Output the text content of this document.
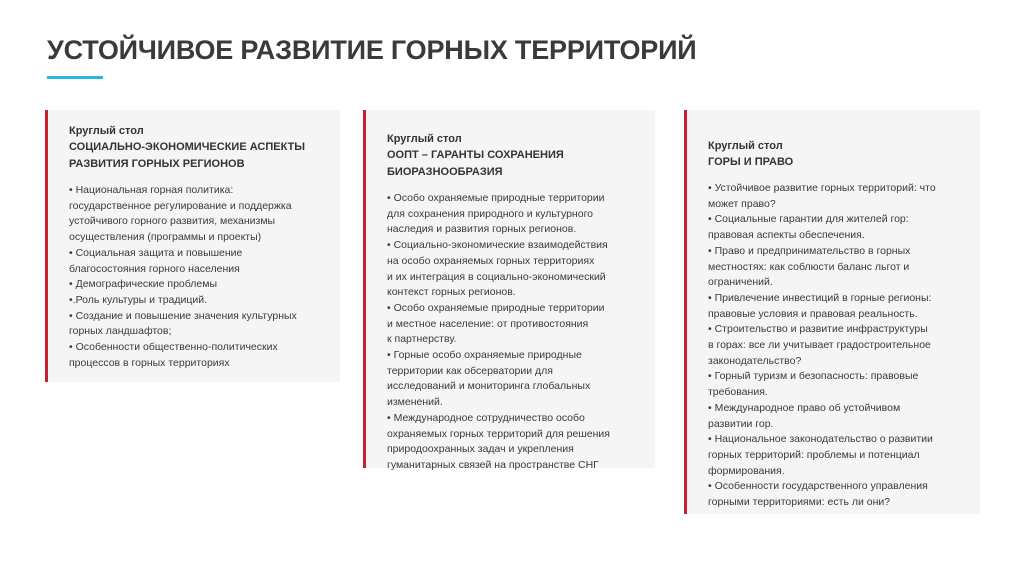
УСТОЙЧИВОЕ РАЗВИТИЕ ГОРНЫХ ТЕРРИТОРИЙ
Круглый стол
СОЦИАЛЬНО-ЭКОНОМИЧЕСКИЕ АСПЕКТЫ
РАЗВИТИЯ ГОРНЫХ РЕГИОНОВ
• Национальная горная политика:
государственное регулирование и поддержка
устойчивого горного развития, механизмы
осуществления (программы и проекты)
• Социальная защита и повышение
благосостояния горного населения
• Демографические проблемы
•.Роль культуры и традиций.
• Создание и повышение значения культурных
горных ландшафтов;
• Особенности общественно-политических
процессов в горных территориях
Круглый стол
ООПТ – ГАРАНТЫ СОХРАНЕНИЯ
БИОРАЗНООБРАЗИЯ
• Особо охраняемые природные территории
для сохранения природного и культурного
наследия и развития горных регионов.
• Социально-экономические взаимодействия
на особо охраняемых горных территориях
и их интеграция в социально-экономический
контекст горных регионов.
• Особо охраняемые природные территории
и местное население: от противостояния
к партнерству.
• Горные особо охраняемые природные
территории как обсерватории для
исследований и мониторинга глобальных
изменений.
• Международное сотрудничество особо
охраняемых горных территорий для решения
природоохранных задач и укрепления
гуманитарных связей на пространстве СНГ
Круглый стол
ГОРЫ И ПРАВО
• Устойчивое развитие горных территорий: что
может право?
• Социальные гарантии для жителей гор:
правовая аспекты обеспечения.
• Право и предпринимательство в горных
местностях: как соблюсти баланс льгот и
ограничений.
• Привлечение инвестиций в горные регионы:
правовые условия и правовая реальность.
• Строительство и развитие инфраструктуры
в горах: все ли учитывает градостроительное
законодательство?
• Горный туризм и безопасность: правовые
требования.
• Международное право об устойчивом
развитии гор.
• Национальное законодательство о развитии
горных территорий: проблемы и потенциал
формирования.
• Особенности государственного управления
горными территориями: есть ли они?
